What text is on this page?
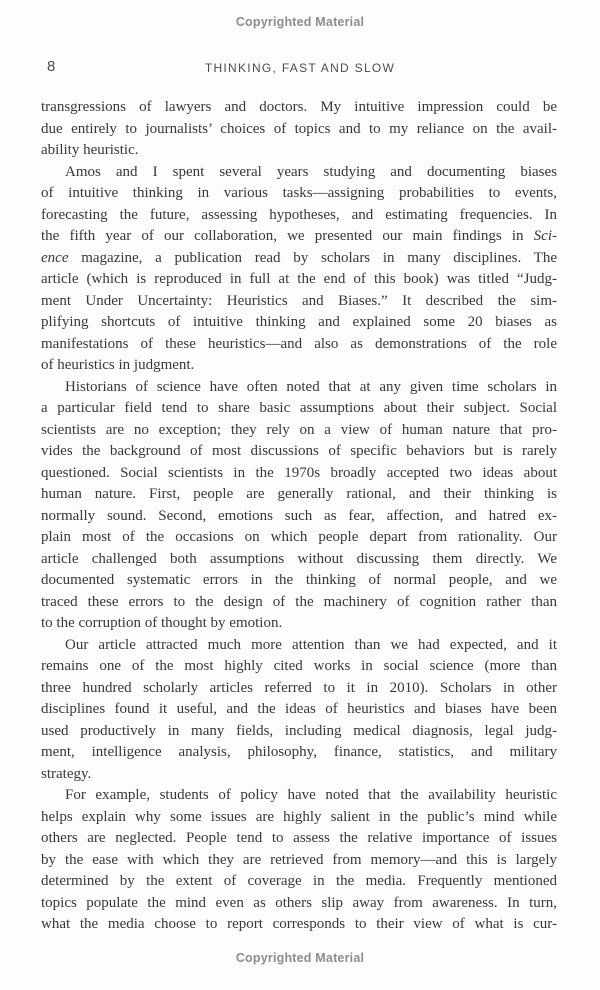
Copyrighted Material
8	THINKING, FAST AND SLOW
transgressions of lawyers and doctors. My intuitive impression could be
due entirely to journalists’ choices of topics and to my reliance on the avail-
ability heuristic.
Amos and I spent several years studying and documenting biases
of intuitive thinking in various tasks—assigning probabilities to events,
forecasting the future, assessing hypotheses, and estimating frequencies. In
the fifth year of our collaboration, we presented our main findings in Sci-
ence magazine, a publication read by scholars in many disciplines. The
article (which is reproduced in full at the end of this book) was titled “Judg-
ment Under Uncertainty: Heuristics and Biases.” It described the sim-
plifying shortcuts of intuitive thinking and explained some 20 biases as
manifestations of these heuristics—and also as demonstrations of the role
of heuristics in judgment.
Historians of science have often noted that at any given time scholars in
a particular field tend to share basic assumptions about their subject. Social
scientists are no exception; they rely on a view of human nature that pro-
vides the background of most discussions of specific behaviors but is rarely
questioned. Social scientists in the 1970s broadly accepted two ideas about
human nature. First, people are generally rational, and their thinking is
normally sound. Second, emotions such as fear, affection, and hatred ex-
plain most of the occasions on which people depart from rationality. Our
article challenged both assumptions without discussing them directly. We
documented systematic errors in the thinking of normal people, and we
traced these errors to the design of the machinery of cognition rather than
to the corruption of thought by emotion.
Our article attracted much more attention than we had expected, and it
remains one of the most highly cited works in social science (more than
three hundred scholarly articles referred to it in 2010). Scholars in other
disciplines found it useful, and the ideas of heuristics and biases have been
used productively in many fields, including medical diagnosis, legal judg-
ment, intelligence analysis, philosophy, finance, statistics, and military
strategy.
For example, students of policy have noted that the availability heuristic
helps explain why some issues are highly salient in the public’s mind while
others are neglected. People tend to assess the relative importance of issues
by the ease with which they are retrieved from memory—and this is largely
determined by the extent of coverage in the media. Frequently mentioned
topics populate the mind even as others slip away from awareness. In turn,
what the media choose to report corresponds to their view of what is cur-
Copyrighted Material
